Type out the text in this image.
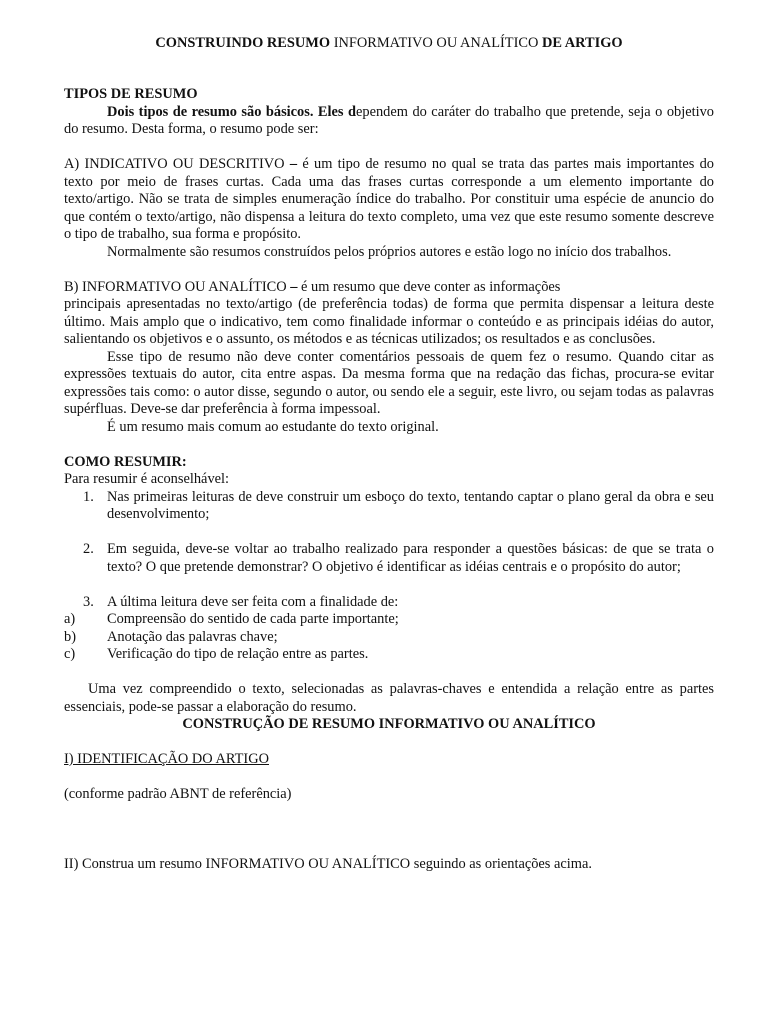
CONSTRUINDO RESUMO INFORMATIVO OU ANALÍTICO DE ARTIGO

TIPOS DE RESUMO

Dois tipos de resumo são básicos. Eles dependem do caráter do trabalho que pretende, seja o objetivo do resumo. Desta forma, o resumo pode ser:

A) INDICATIVO OU DESCRITIVO – é um tipo de resumo no qual se trata das partes mais importantes do texto por meio de frases curtas. Cada uma das frases curtas corresponde a um elemento importante do texto/artigo. Não se trata de simples enumeração índice do trabalho. Por constituir uma espécie de anuncio do que contém o texto/artigo, não dispensa a leitura do texto completo, uma vez que este resumo somente descreve o tipo de trabalho, sua forma e propósito.

Normalmente são resumos construídos pelos próprios autores e estão logo no início dos trabalhos.

B) INFORMATIVO OU ANALÍTICO – é um resumo que deve conter as informações

principais apresentadas no texto/artigo (de preferência todas) de forma que permita dispensar a leitura deste último. Mais amplo que o indicativo, tem como finalidade informar o conteúdo e as principais idéias do autor, salientando os objetivos e o assunto, os métodos e as técnicas utilizados; os resultados e as conclusões.

Esse tipo de resumo não deve conter comentários pessoais de quem fez o resumo. Quando citar as expressões textuais do autor, cita entre aspas. Da mesma forma que na redação das fichas, procura-se evitar expressões tais como: o autor disse, segundo o autor, ou sendo ele a seguir, este livro, ou sejam todas as palavras supérfluas. Deve-se dar preferência à forma impessoal.

É um resumo mais comum ao estudante do texto original.

COMO RESUMIR:

Para resumir é aconselhável:

1. Nas primeiras leituras de deve construir um esboço do texto, tentando captar o plano geral da obra e seu desenvolvimento;
2. Em seguida, deve-se voltar ao trabalho realizado para responder a questões básicas: de que se trata o texto? O que pretende demonstrar? O objetivo é identificar as idéias centrais e o propósito do autor;
3. A última leitura deve ser feita com a finalidade de:
a) Compreensão do sentido de cada parte importante;
b) Anotação das palavras chave;
c) Verificação do tipo de relação entre as partes.

Uma vez compreendido o texto, selecionadas as palavras-chaves e entendida a relação entre as partes essenciais, pode-se passar a elaboração do resumo.

CONSTRUÇÃO DE RESUMO INFORMATIVO OU ANALÍTICO

I) IDENTIFICAÇÃO DO ARTIGO

(conforme padrão ABNT de referência)

II) Construa um resumo INFORMATIVO OU ANALÍTICO seguindo as orientações acima.
